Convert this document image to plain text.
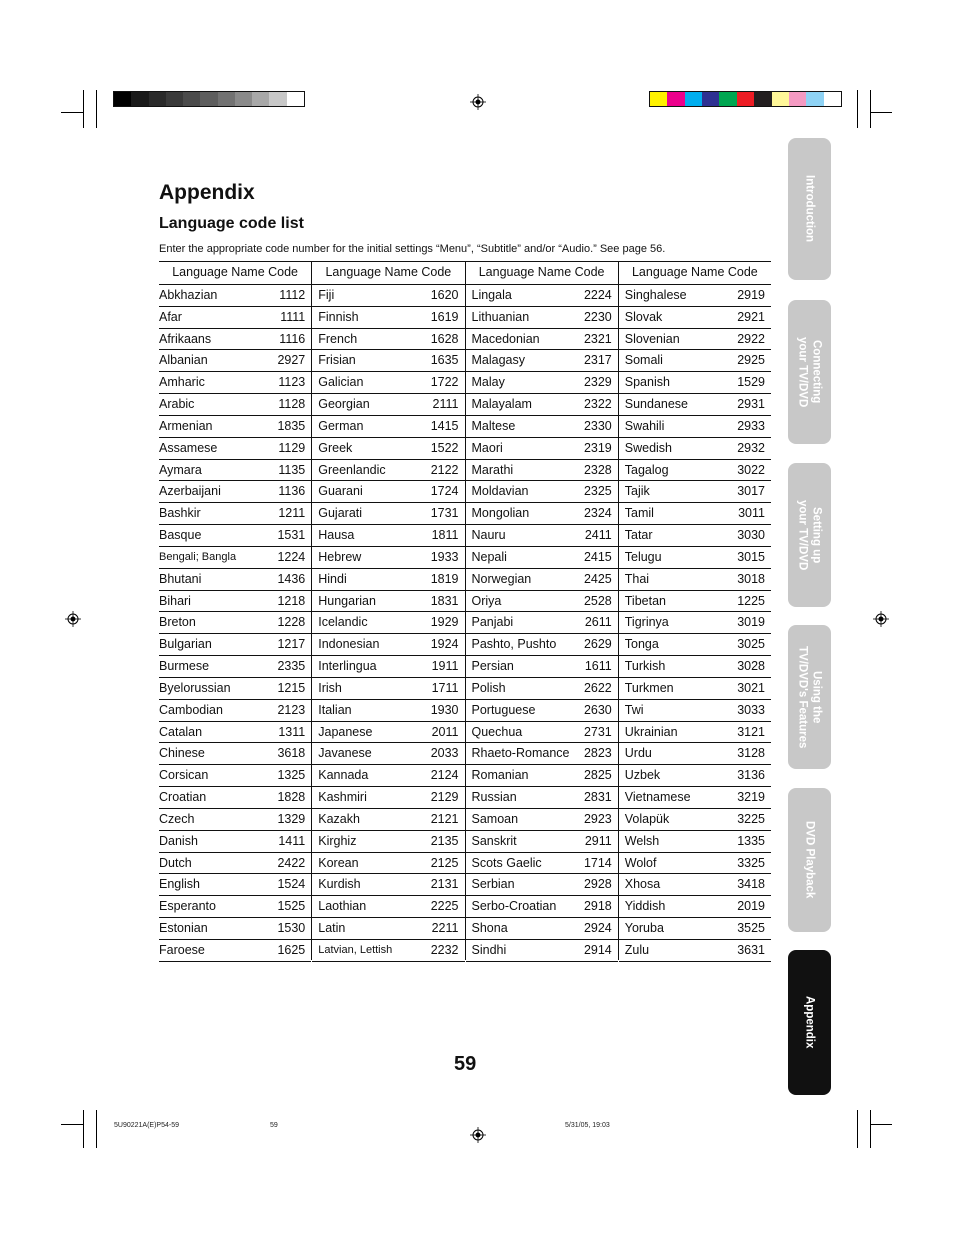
Appendix
Language code list
Enter the appropriate code number for the initial settings “Menu”, “Subtitle” and/or “Audio.” See page 56.
Language Name Code
Abkhazian	1112
Afar	1111
Afrikaans	1116
Albanian	2927
Amharic	1123
Arabic	1128
Armenian	1835
Assamese	1129
Aymara	1135
Azerbaijani	1136
Bashkir	1211
Basque	1531
Bengali; Bangla	1224
Bhutani	1436
Bihari	1218
Breton	1228
Bulgarian	1217
Burmese	2335
Byelorussian	1215
Cambodian	2123
Catalan	1311
Chinese	3618
Corsican	1325
Croatian	1828
Czech	1329
Danish	1411
Dutch	2422
English	1524
Esperanto	1525
Estonian	1530
Faroese	1625
Language Name Code
Fiji	1620
Finnish	1619
French	1628
Frisian	1635
Galician	1722
Georgian	2111
German	1415
Greek	1522
Greenlandic	2122
Guarani	1724
Gujarati	1731
Hausa	1811
Hebrew	1933
Hindi	1819
Hungarian	1831
Icelandic	1929
Indonesian	1924
Interlingua	1911
Irish	1711
Italian	1930
Japanese	2011
Javanese	2033
Kannada	2124
Kashmiri	2129
Kazakh	2121
Kirghiz	2135
Korean	2125
Kurdish	2131
Laothian	2225
Latin	2211
Latvian, Lettish	2232
Language Name Code
Lingala	2224
Lithuanian	2230
Macedonian	2321
Malagasy	2317
Malay	2329
Malayalam	2322
Maltese	2330
Maori	2319
Marathi	2328
Moldavian	2325
Mongolian	2324
Nauru	2411
Nepali	2415
Norwegian	2425
Oriya	2528
Panjabi	2611
Pashto, Pushto 2629
Persian	1611
Polish	2622
Portuguese	2630
Quechua	2731
Rhaeto-Romance 2823
Romanian	2825
Russian	2831
Samoan	2923
Sanskrit	2911
Scots Gaelic	1714
Serbian	2928
Serbo-Croatian 2918
Shona	2924
Sindhi	2914
Language Name Code
Singhalese	2919
Slovak	2921
Slovenian	2922
Somali	2925
Spanish	1529
Sundanese	2931
Swahili	2933
Swedish	2932
Tagalog	3022
Tajik	3017
Tamil	3011
Tatar	3030
Telugu	3015
Thai	3018
Tibetan	1225
Tigrinya	3019
Tonga	3025
Turkish	3028
Turkmen	3021
Twi	3033
Ukrainian	3121
Urdu	3128
Uzbek	3136
Vietnamese	3219
Volapük	3225
Welsh	1335
Wolof	3325
Xhosa	3418
Yiddish	2019
Yoruba	3525
Zulu	3631
Introduction
Connecting
your TV/DVD
Setting up
your TV/DVD
Using the
TV/DVD's Features
DVD Playback
Appendix
59
5U90221A(E)P54-59	59	5/31/05, 19:03
